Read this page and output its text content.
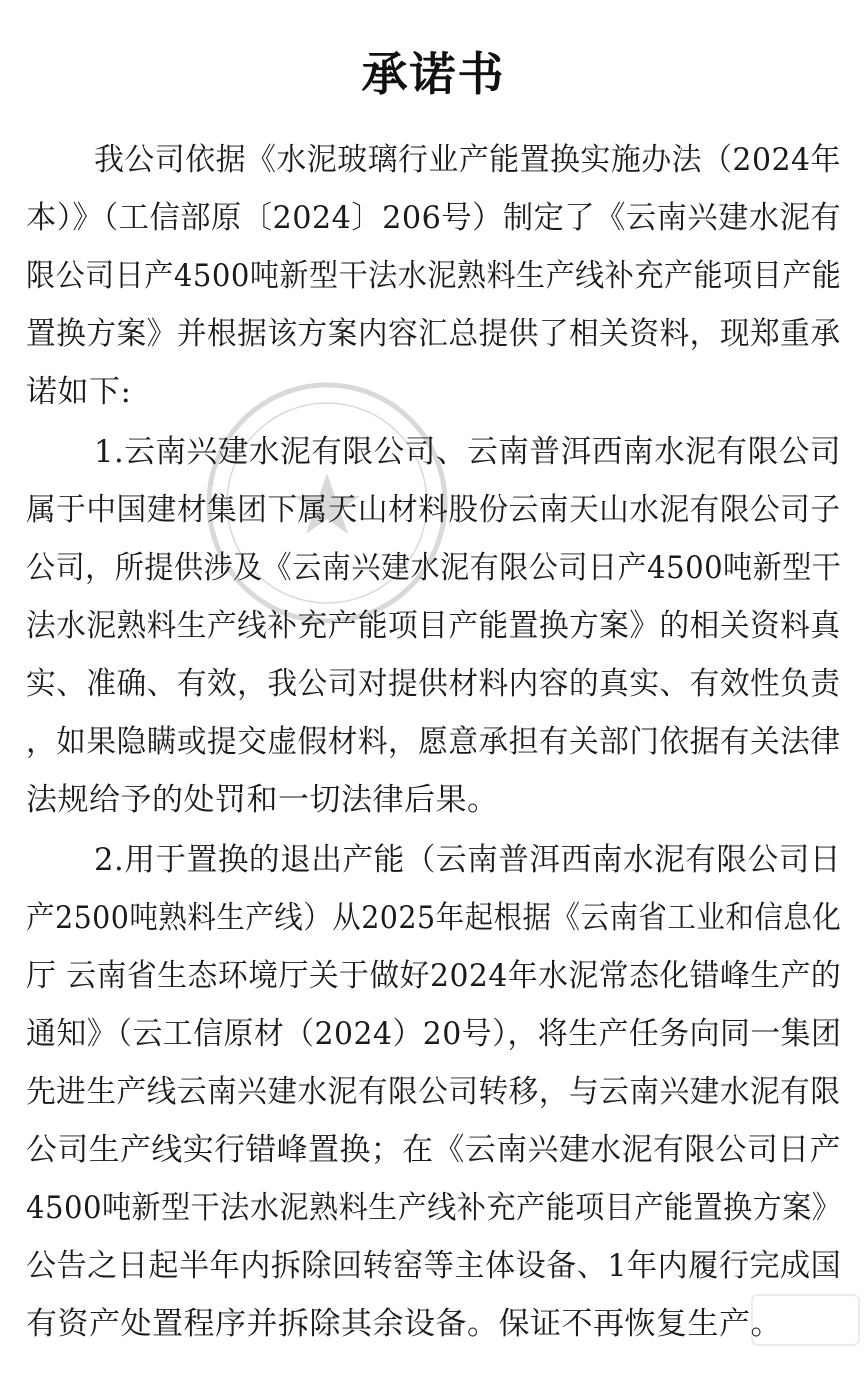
承诺书
我公司依据《水泥玻璃行业产能置换实施办法（2024年
本）》（工信部原〔2024〕206号）制定了《云南兴建水泥有
限公司日产4500吨新型干法水泥熟料生产线补充产能项目产能
置换方案》并根据该方案内容汇总提供了相关资料，现郑重承
诺如下:
1.云南兴建水泥有限公司、云南普洱西南水泥有限公司
属于中国建材集团下属天山材料股份云南天山水泥有限公司子
公司，所提供涉及《云南兴建水泥有限公司日产4500吨新型干
法水泥熟料生产线补充产能项目产能置换方案》的相关资料真
实、准确、有效，我公司对提供材料内容的真实、有效性负责
，如果隐瞒或提交虚假材料，愿意承担有关部门依据有关法律
法规给予的处罚和一切法律后果。
2.用于置换的退出产能（云南普洱西南水泥有限公司日
产2500吨熟料生产线）从2025年起根据《云南省工业和信息化
厅 云南省生态环境厅关于做好2024年水泥常态化错峰生产的
通知》（云工信原材（2024）20号），将生产任务向同一集团
先进生产线云南兴建水泥有限公司转移，与云南兴建水泥有限
公司生产线实行错峰置换；在《云南兴建水泥有限公司日产
4500吨新型干法水泥熟料生产线补充产能项目产能置换方案》
公告之日起半年内拆除回转窑等主体设备、1年内履行完成国
有资产处置程序并拆除其余设备。保证不再恢复生产。
